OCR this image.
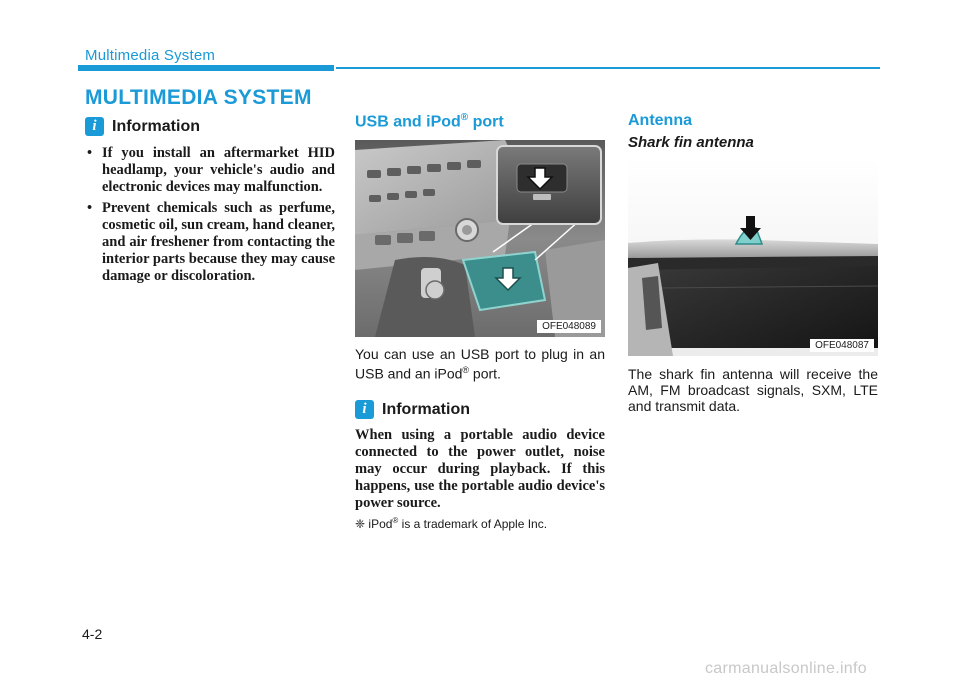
Multimedia System
MULTIMEDIA SYSTEM
i Information
• If you install an aftermarket HID headlamp, your vehicle's audio and electronic devices may malfunction.
• Prevent chemicals such as perfume, cosmetic oil, sun cream, hand cleaner, and air freshener from contacting the interior parts because they may cause damage or discoloration.
USB and iPod® port
OFE048089
You can use an USB port to plug in an USB and an iPod® port.
i Information
When using a portable audio device connected to the power outlet, noise may occur during playback. If this happens, use the portable audio device's power source.
❈ iPod® is a trademark of Apple Inc.
Antenna
Shark fin antenna
OFE048087
The shark fin antenna will receive the AM, FM broadcast signals, SXM, LTE and transmit data.
4-2
carmanualsonline.info
